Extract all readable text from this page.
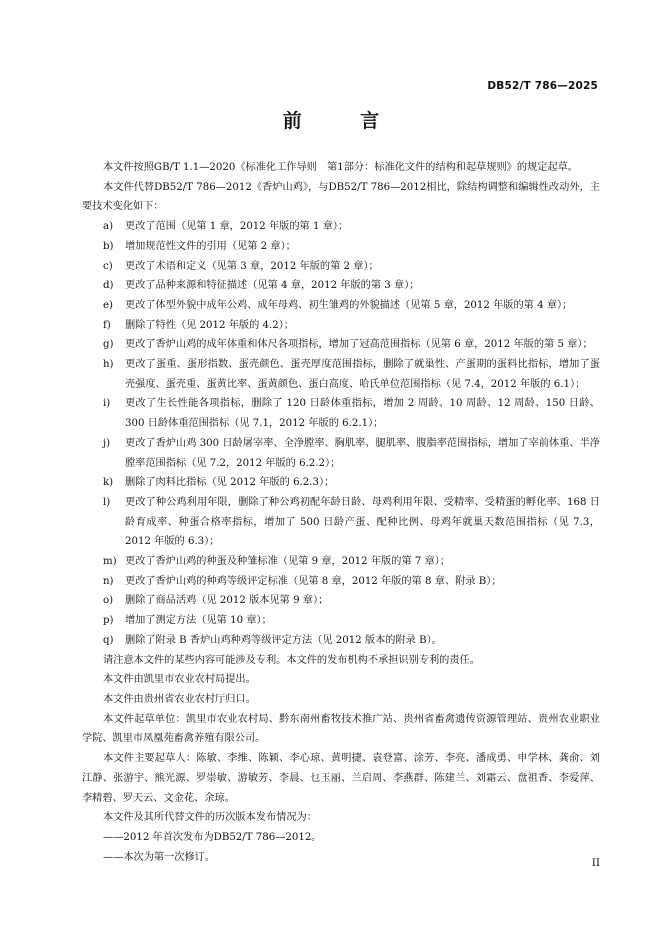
DB52/T 786—2025
前 言

本文件按照GB/T 1.1—2020《标准化工作导则　第1部分：标准化文件的结构和起草规则》的规定起草。

本文件代替DB52/T 786—2012《香炉山鸡》，与DB52/T 786—2012相比，除结构调整和编辑性改动外，主要技术变化如下：

a)	更改了范围（见第 1 章，2012 年版的第 1 章）；
b)	增加规范性文件的引用（见第 2 章）；
c)	更改了术语和定义（见第 3 章，2012 年版的第 2 章）；
d)	更改了品种来源和特征描述（见第 4 章，2012 年版的第 3 章）；
e)	更改了体型外貌中成年公鸡、成年母鸡、初生雏鸡的外貌描述（见第 5 章，2012 年版的第 4 章）；
f)	删除了特性（见 2012 年版的 4.2）；
g)	更改了香炉山鸡的成年体重和体尺各项指标，增加了冠高范围指标（见第 6 章，2012 年版的第 5 章）；
h)	更改了蛋重、蛋形指数、蛋壳颜色、蛋壳厚度范围指标，删除了就巢性、产蛋期的蛋料比指标，增加了蛋壳强度、蛋壳重、蛋黄比率、蛋黄颜色、蛋白高度、哈氏单位范围指标（见 7.4，2012 年版的 6.1）；
i)	更改了生长性能各项指标，删除了 120 日龄体重指标，增加 2 周龄、10 周龄、12 周龄、150 日龄、300 日龄体重范围指标（见 7.1，2012 年版的 6.2.1）；
j)	更改了香炉山鸡 300 日龄屠宰率、全净膛率、胸肌率、腿肌率、腹脂率范围指标，增加了宰前体重、半净膛率范围指标（见 7.2，2012 年版的 6.2.2）；
k)	删除了肉料比指标（见 2012 年版的 6.2.3）；
l)	更改了种公鸡利用年限，删除了种公鸡初配年龄日龄、母鸡利用年限、受精率、受精蛋的孵化率、168 日龄育成率、种蛋合格率指标，增加了 500 日龄产蛋、配种比例、母鸡年就巢天数范围指标（见 7.3，2012 年版的 6.3）；
m) 更改了香炉山鸡的种蛋及种雏标准（见第 9 章，2012 年版的第 7 章）；
n)	更改了香炉山鸡的种鸡等级评定标准（见第 8 章，2012 年版的第 8 章、附录 B）；
o)	删除了商品活鸡（见 2012 版本见第 9 章）；
p)	增加了测定方法（见第 10 章）；
q)	删除了附录 B 香炉山鸡种鸡等级评定方法（见 2012 版本的附录 B）。

请注意本文件的某些内容可能涉及专利。本文件的发布机构不承担识别专利的责任。

本文件由凯里市农业农村局提出。

本文件由贵州省农业农村厅归口。

本文件起草单位：凯里市农业农村局、黔东南州畜牧技术推广站、贵州省畜禽遗传资源管理站、贵州农业职业学院、凯里市凤凰苑畜禽养殖有限公司。

本文件主要起草人：陈敏、李维、陈颖、李心琼、黄明捷、袁登富、涂芳、李亮、潘成勇、申学林、龚俞、刘江静、张游宇、熊光源、罗崇敏、游敏芳、李晨、乜玉丽、兰启周、李燕群、陈建兰、刘霜云、盘祖香、李爱萍、李精碧、罗天云、文金花、余琼。

本文件及其所代替文件的历次版本发布情况为：

——2012 年首次发布为DB52/T 786—2012。

——本次为第一次修订。	II
